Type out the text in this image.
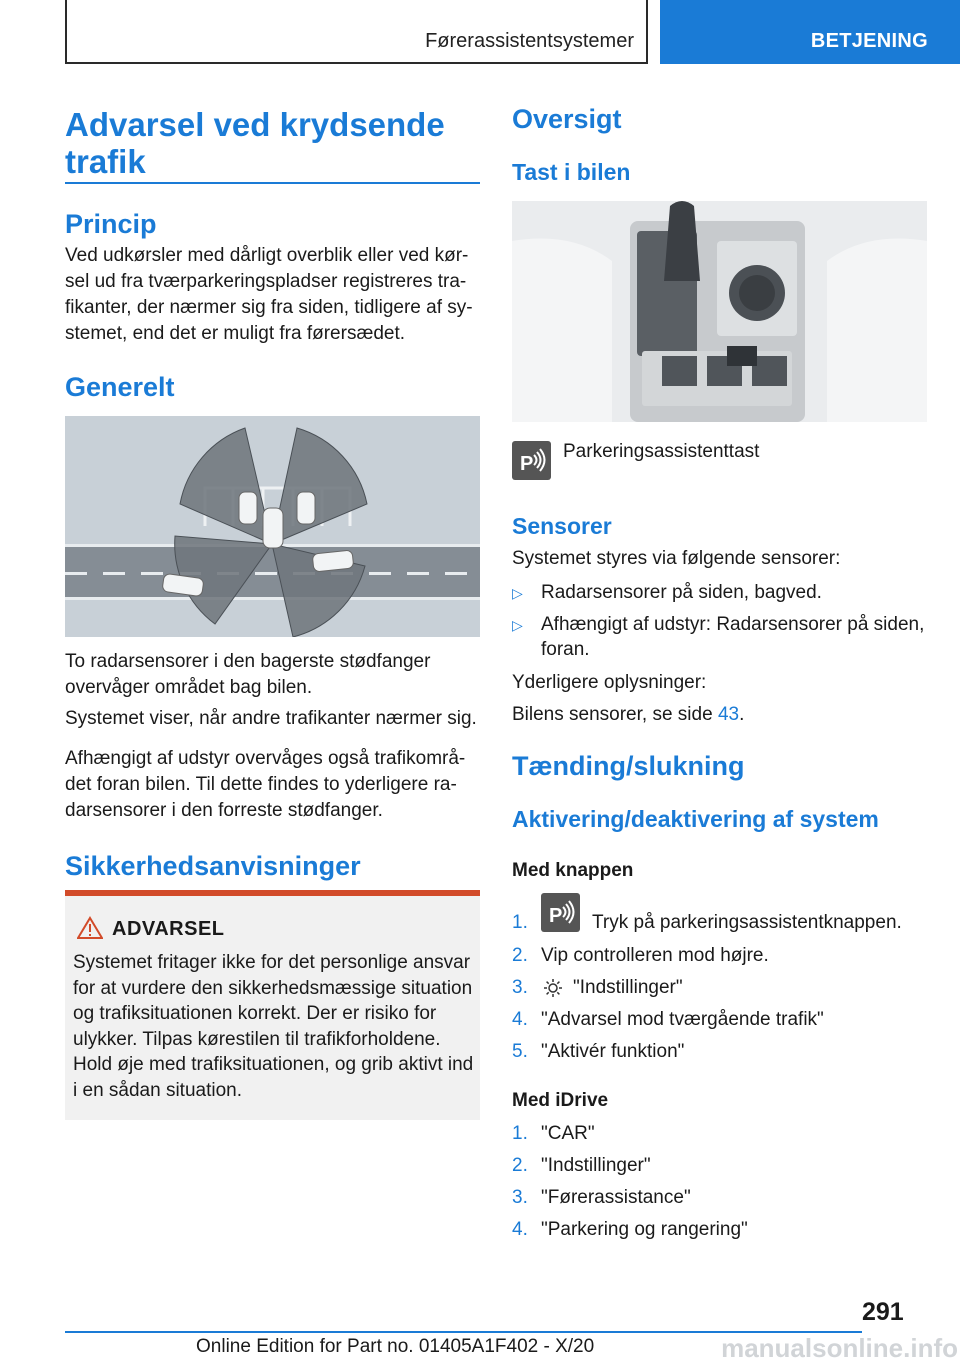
Førerassistentsystemer	BETJENING
Advarsel ved krydsende
trafik
Princip
Ved udkørsler med dårligt overblik eller ved kør-
sel ud fra tværparkeringspladser registreres tra-
fikanter, der nærmer sig fra siden, tidligere af sy-
stemet, end det er muligt fra førersædet.
Generelt
To radarsensorer i den bagerste stødfanger
overvåger området bag bilen.
Systemet viser, når andre trafikanter nærmer sig.
Afhængigt af udstyr overvåges også trafikområ-
det foran bilen. Til dette findes to yderligere ra-
darsensorer i den forreste stødfanger.
Sikkerhedsanvisninger
ADVARSEL
Systemet fritager ikke for det personlige ansvar
for at vurdere den sikkerhedsmæssige situation
og trafiksituationen korrekt. Der er risiko for
ulykker. Tilpas kørestilen til trafikforholdene.
Hold øje med trafiksituationen, og grib aktivt ind
i en sådan situation.
Oversigt
Tast i bilen
P
Parkeringsassistenttast
Sensorer
Systemet styres via følgende sensorer:
▷ Radarsensorer på siden, bagved.
▷ Afhængigt af udstyr: Radarsensorer på siden,
foran.
Yderligere oplysninger:
Bilens sensorer, se side 43.
Tænding/slukning
Aktivering/deaktivering af system
Med knappen
1. P Tryk på parkeringsassistentknappen.
2. Vip controlleren mod højre.
3. "Indstillinger"
4. "Advarsel mod tværgående trafik"
5. "Aktivér funktion"
Med iDrive
1. "CAR"
2. "Indstillinger"
3. "Førerassistance"
4. "Parkering og rangering"
291
Online Edition for Part no. 01405A1F402 - X/20	manualsonline.info
